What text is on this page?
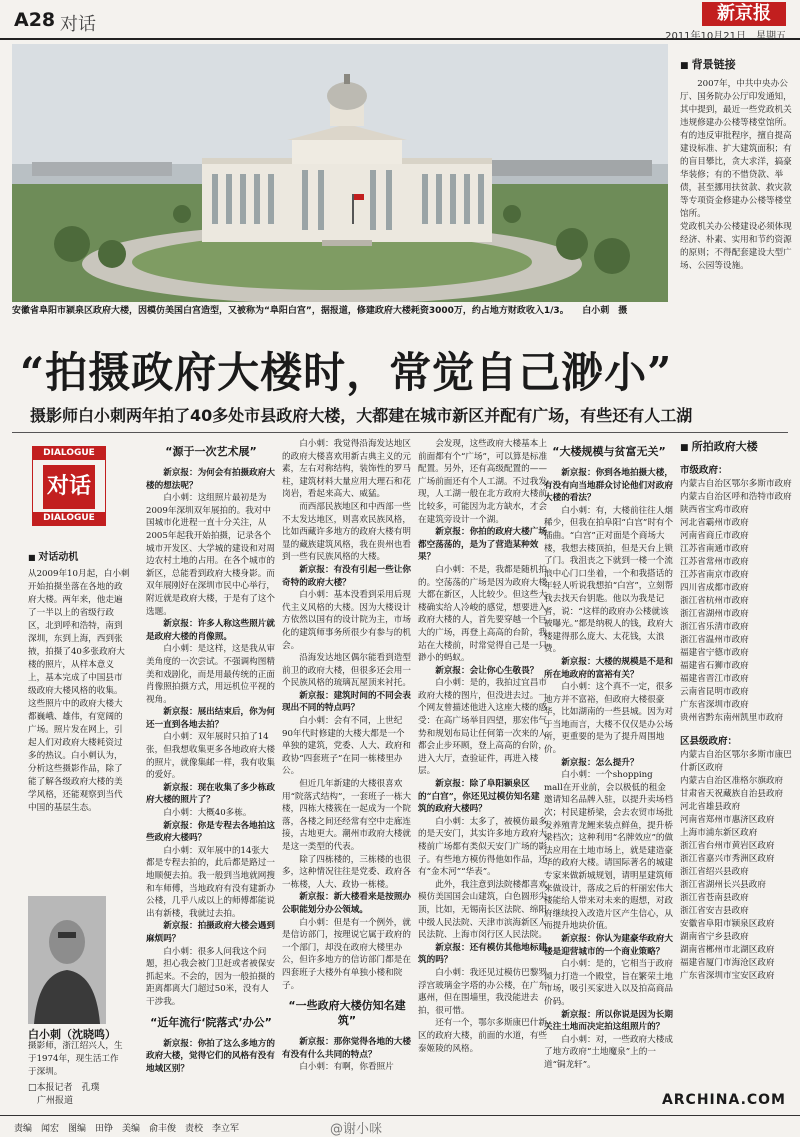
A28 对话
新京报
2011年10月21日　星期五
安徽省阜阳市颍泉区政府大楼，因模仿美国白宫造型，又被称为“阜阳白宫”，据报道，修建政府大楼耗资3000万，约占地方财政收入1/3。　　白小刺　摄
■ 背景链接
2007年，中共中央办公厅、国务院办公厅印发通知，其中提到，最近一些党政机关违规修建办公楼等楼堂馆所。有的违反审批程序，擅自提高建设标准、扩大建筑面积；有的盲目攀比，贪大求洋，搞豪华装修；有的不惜贷款、举债，甚至挪用扶贫款、救灾款等专项资金修建办公楼等楼堂馆所。
党政机关办公楼建设必须体现经济、朴素、实用和节约资源的原则；不得配套建设大型广场、公园等设施。
“拍摄政府大楼时，常觉自己渺小”
摄影师白小刺两年拍了40多处市县政府大楼，大都建在城市新区并配有广场，有些还有人工湖
DIALOGUE
对话
DIALOGUE
■ 对话动机
从2009年10月起，白小刺开始拍摄坐落在各地的政府大楼。两年来，他走遍了一半以上的省级行政区，北到呼和浩特，南到深圳，东到上海，西到张掖，拍摄了40多张政府大楼的照片，从样本意义上，基本完成了中国县市级政府大楼风格的收集。
这些照片中的政府大楼大都巍峨、雄伟，有宽阔的广场。照片发在网上，引起人们对政府大楼耗资过多的热议。白小刺认为，分析这些摄影作品，除了能了解各级政府大楼的美学风格，还能观察到当代中国的基层生态。
白小刺（沈晓鸣）
摄影师，浙江绍兴人，生于1974年，现生活工作于深圳。
□本报记者　孔璞
　广州报道

“源于一次艺术展”

新京报：为何会有拍摄政府大楼的想法呢？

白小刺：这组照片最初是为2009年深圳双年展拍的。我对中国城市化进程一直十分关注，从2005年起我开始拍摄，记录各个城市开发区、大学城的建设和对周边农村土地的占用。在各个城市的新区，总能看到政府大楼身影。而双年展刚好在深圳市民中心举行，附近就是政府大楼，于是有了这个选题。

新京报：许多人称这些照片就是政府大楼的肖像照。

白小刺：是这样，这是我从审美角度的一次尝试。不强调构图精美和戏剧化，而是用最传统的正面肖像照拍摄方式，用远机位平视的视角。

新京报：展出结束后，你为何还一直到各地去拍？

白小刺：双年展时只拍了14张，但我想收集更多各地政府大楼的照片，就像集邮一样，我有收集的爱好。

新京报：现在收集了多少栋政府大楼的照片了？

白小刺：大概40多栋。

新京报：你是专程去各地拍这些政府大楼吗？

白小刺：双年展中的14张大都是专程去拍的，此后都是路过一地顺便去拍。我一般到当地就网搜和车师傅，当地政府有没有建新办公楼，几乎八成以上的师傅都能说出有新楼，我就过去拍。

新京报：拍摄政府大楼会遇到麻烦吗？

白小刺：很多人问我这个问题，担心我会被门卫赶或者被保安抓起来。不会的，因为一般拍摄的距离都离大门超过50米，没有人干涉我。

“近年流行‘院落式’办公”

新京报：你拍了这么多地方的政府大楼，觉得它们的风格有没有地域区别？

白小刺：我觉得沿海发达地区的政府大楼喜欢用新古典主义的元素，左右对称结构，装饰性的罗马柱，建筑材料大量应用大理石和花岗岩，看起来高大、威猛。

而西部民族地区和中西部一些不太发达地区，则喜欢民族风格，比如西藏许多地方的政府大楼有明显的藏族建筑风格，我在贵州也看到一些有民族风格的大楼。

新京报：有没有引起一些让你奇特的政府大楼？

白小刺：基本没看到采用后现代主义风格的大楼。因为大楼设计方依然以国有的设计院为主，市场化的建筑师事务所很少有参与的机会。

沿海发达地区偶尔能看到造型前卫的政府大楼，但很多还会用一个民族风格的琉璃瓦屋顶来衬托。

新京报：建筑时间的不同会表现出不同的特点吗？

白小刺：会有不同，上世纪90年代时修建的大楼大都是一个单独的建筑，党委、人大、政府和政协“四套班子”在同一栋楼里办公。

但近几年新建的大楼很喜欢用“院落式结构”，一套班子一栋大楼，四栋大楼簇在一起成为一个院落，各楼之间还经常有空中走廊连接，古地更大。潮州市政府大楼就是这一类型的代表。

除了四栋楼的，三栋楼的也很多，这种情况往往是党委、政府各一栋楼，人大、政协一栋楼。

新京报：新大楼看来是按照办公职能划分办公领域。

白小刺：但是有一个例外，就是信访部门，按理说它属于政府的一个部门，却没在政府大楼里办公，但许多地方的信访部门都是在四套班子大楼外有单独小楼和院子。

“一些政府大楼仿知名建筑”

新京报：那你觉得各地的大楼有没有什么共同的特点？

白小刺：有啊，你看照片

会发现，这些政府大楼基本上前面都有个“广场”，可以算是标准配置。另外，还有高级配置的——广场前面还有个人工湖。不过我发现，人工湖一般在北方政府大楼前比较多，可能因为北方缺水，才会在建筑旁设计一个湖。

新京报：你拍的政府大楼广场都空荡荡的，是为了营造某种效果？

白小刺：不是，我都是随机拍的。空荡荡的广场是因为政府大楼大都在新区，人比较少。但这些大楼确实给人冷峻的感觉，想要进入政府大楼的人，首先要穿越一个巨大的广场，再登上高高的台阶，我站在大楼前，时常觉得自己是一只渺小的蚂蚁。

新京报：会让你心生敬畏？

白小刺：是的，我拍过宜昌市政府大楼的图片，但没进去过。一个网友曾描述他进入这座大楼的感受：在高广场举目四望，那宏伟气势和规划布局让任何第一次来的人都会止步环顾，登上高高的台阶，进入大厅，查验证件，再进入楼层。

新京报：除了阜阳颍泉区的“白宫”，你还见过模仿知名建筑的政府大楼吗？

白小刺：太多了，被模仿最多的是天安门，其实许多地方政府大楼前广场都有类似天安门广场的影子。有些地方模仿得他如作品，还有“金木河”“华表”。

此外，我注意到法院楼都喜欢模仿美国国会山建筑，白色圆形尖顶，比如，无锡南长区法院、绵阳中级人民法院、天津市滨海新区人民法院、上海市闵行区人民法院。

新京报：还有模仿其他地标建筑的吗？

白小刺：我还见过模仿巴黎罗浮宫玻璃金字塔的办公楼，在广东惠州，但在围墙里，我没能进去拍，很可惜。

还有一个，鄂尔多斯康巴什新区的政府大楼，前面的水道，有些泰姬陵的风格。

“大楼规模与贫富无关”

新京报：你到各地拍摄大楼，有没有向当地群众讨论他们对政府大楼的看法？

白小刺：有，大楼前往往人烟稀少，但我在拍阜阳“白宫”时有个插曲。“白宫”正对面是个商场大楼，我想去楼顶拍，但是天台上锁了门。我沮丧之下就到一楼一个流浪中心门口坐着，一个和我搭话的年轻人听说我想拍“白宫”，立刻帮我去找天台钥匙。他以为我是记者，说：“这样的政府办公楼就该被曝光。”都是纳税人的钱，政府大楼建得那么庞大、太花钱，太浪费。

新京报：大楼的规模是不是和所在地政府的富裕有关？

白小刺：这个真不一定，很多地方并不富裕，但政府大楼很豪华，比如湖南的一些县城。因为对于当地而言，大楼不仅仅是办公场所，更重要的是为了提升周围地价。

新京报：怎么提升？

白小刺：一个shopping mall在开业前，会以极低的租金邀请知名品牌入驻，以提升卖场档次；村民建桥梁，会去农贸市场批发养殖青龙鲤来装点鲜鱼，提升桥梁档次；这种利用“名牌效应”的做法应用在土地市场上，就是建造豪华的政府大楼。请国际著名的城建专家来做新城规划，请明星建筑师来做设计，落成之后的杆丽宏伟大楼能给人带来对未来的遐想，对政府继续投入改造片区产生信心，从而提升地块价值。

新京报：你认为建豪华政府大楼是迎营城市的一个商业策略？

白小刺：是的，它相当于政府倾力打造一个殿堂，旨在繁荣土地市场，吸引买家进入以及拍高商品价码。

新京报：所以你说是因为长期关注土地而决定拍这组照片的？

白小刺：对，一些政府大楼成了地方政府“土地魔泉”上的一道“锔龙轩”。

■ 所拍政府大楼
市级政府：
内蒙古自治区鄂尔多斯市政府
内蒙古自治区呼和浩特市政府
陕西省宝鸡市政府
河北省霸州市政府
河南省商丘市政府
江苏省南通市政府
江苏省常州市政府
江苏省南京市政府
四川省成都市政府
浙江省杭州市政府
浙江省湖州市政府
浙江省乐清市政府
浙江省温州市政府
福建省宁德市政府
福建省石狮市政府
福建省晋江市政府
云南省昆明市政府
广东省深圳市政府
贵州省黔东南州凯里市政府
区县级政府：
内蒙古自治区鄂尔多斯市康巴什新区政府
内蒙古自治区准格尔旗政府
甘肃省天祝藏族自治县政府
河北省雄县政府
河南省郑州市惠济区政府
上海市浦东新区政府
浙江省台州市黄岩区政府
浙江省嘉兴市秀洲区政府
浙江省绍兴县政府
浙江省湖州长兴县政府
浙江省苍南县政府
浙江省安吉县政府
安徽省阜阳市颍泉区政府
湖南省宁乡县政府
湖南省郴州市北湖区政府
福建省厦门市海沧区政府
广东省深圳市宝安区政府
ARCHINA.COM
责编　闻宏　图编　田铮　美编　俞丰俊　责校　李立军	@谢小咪
